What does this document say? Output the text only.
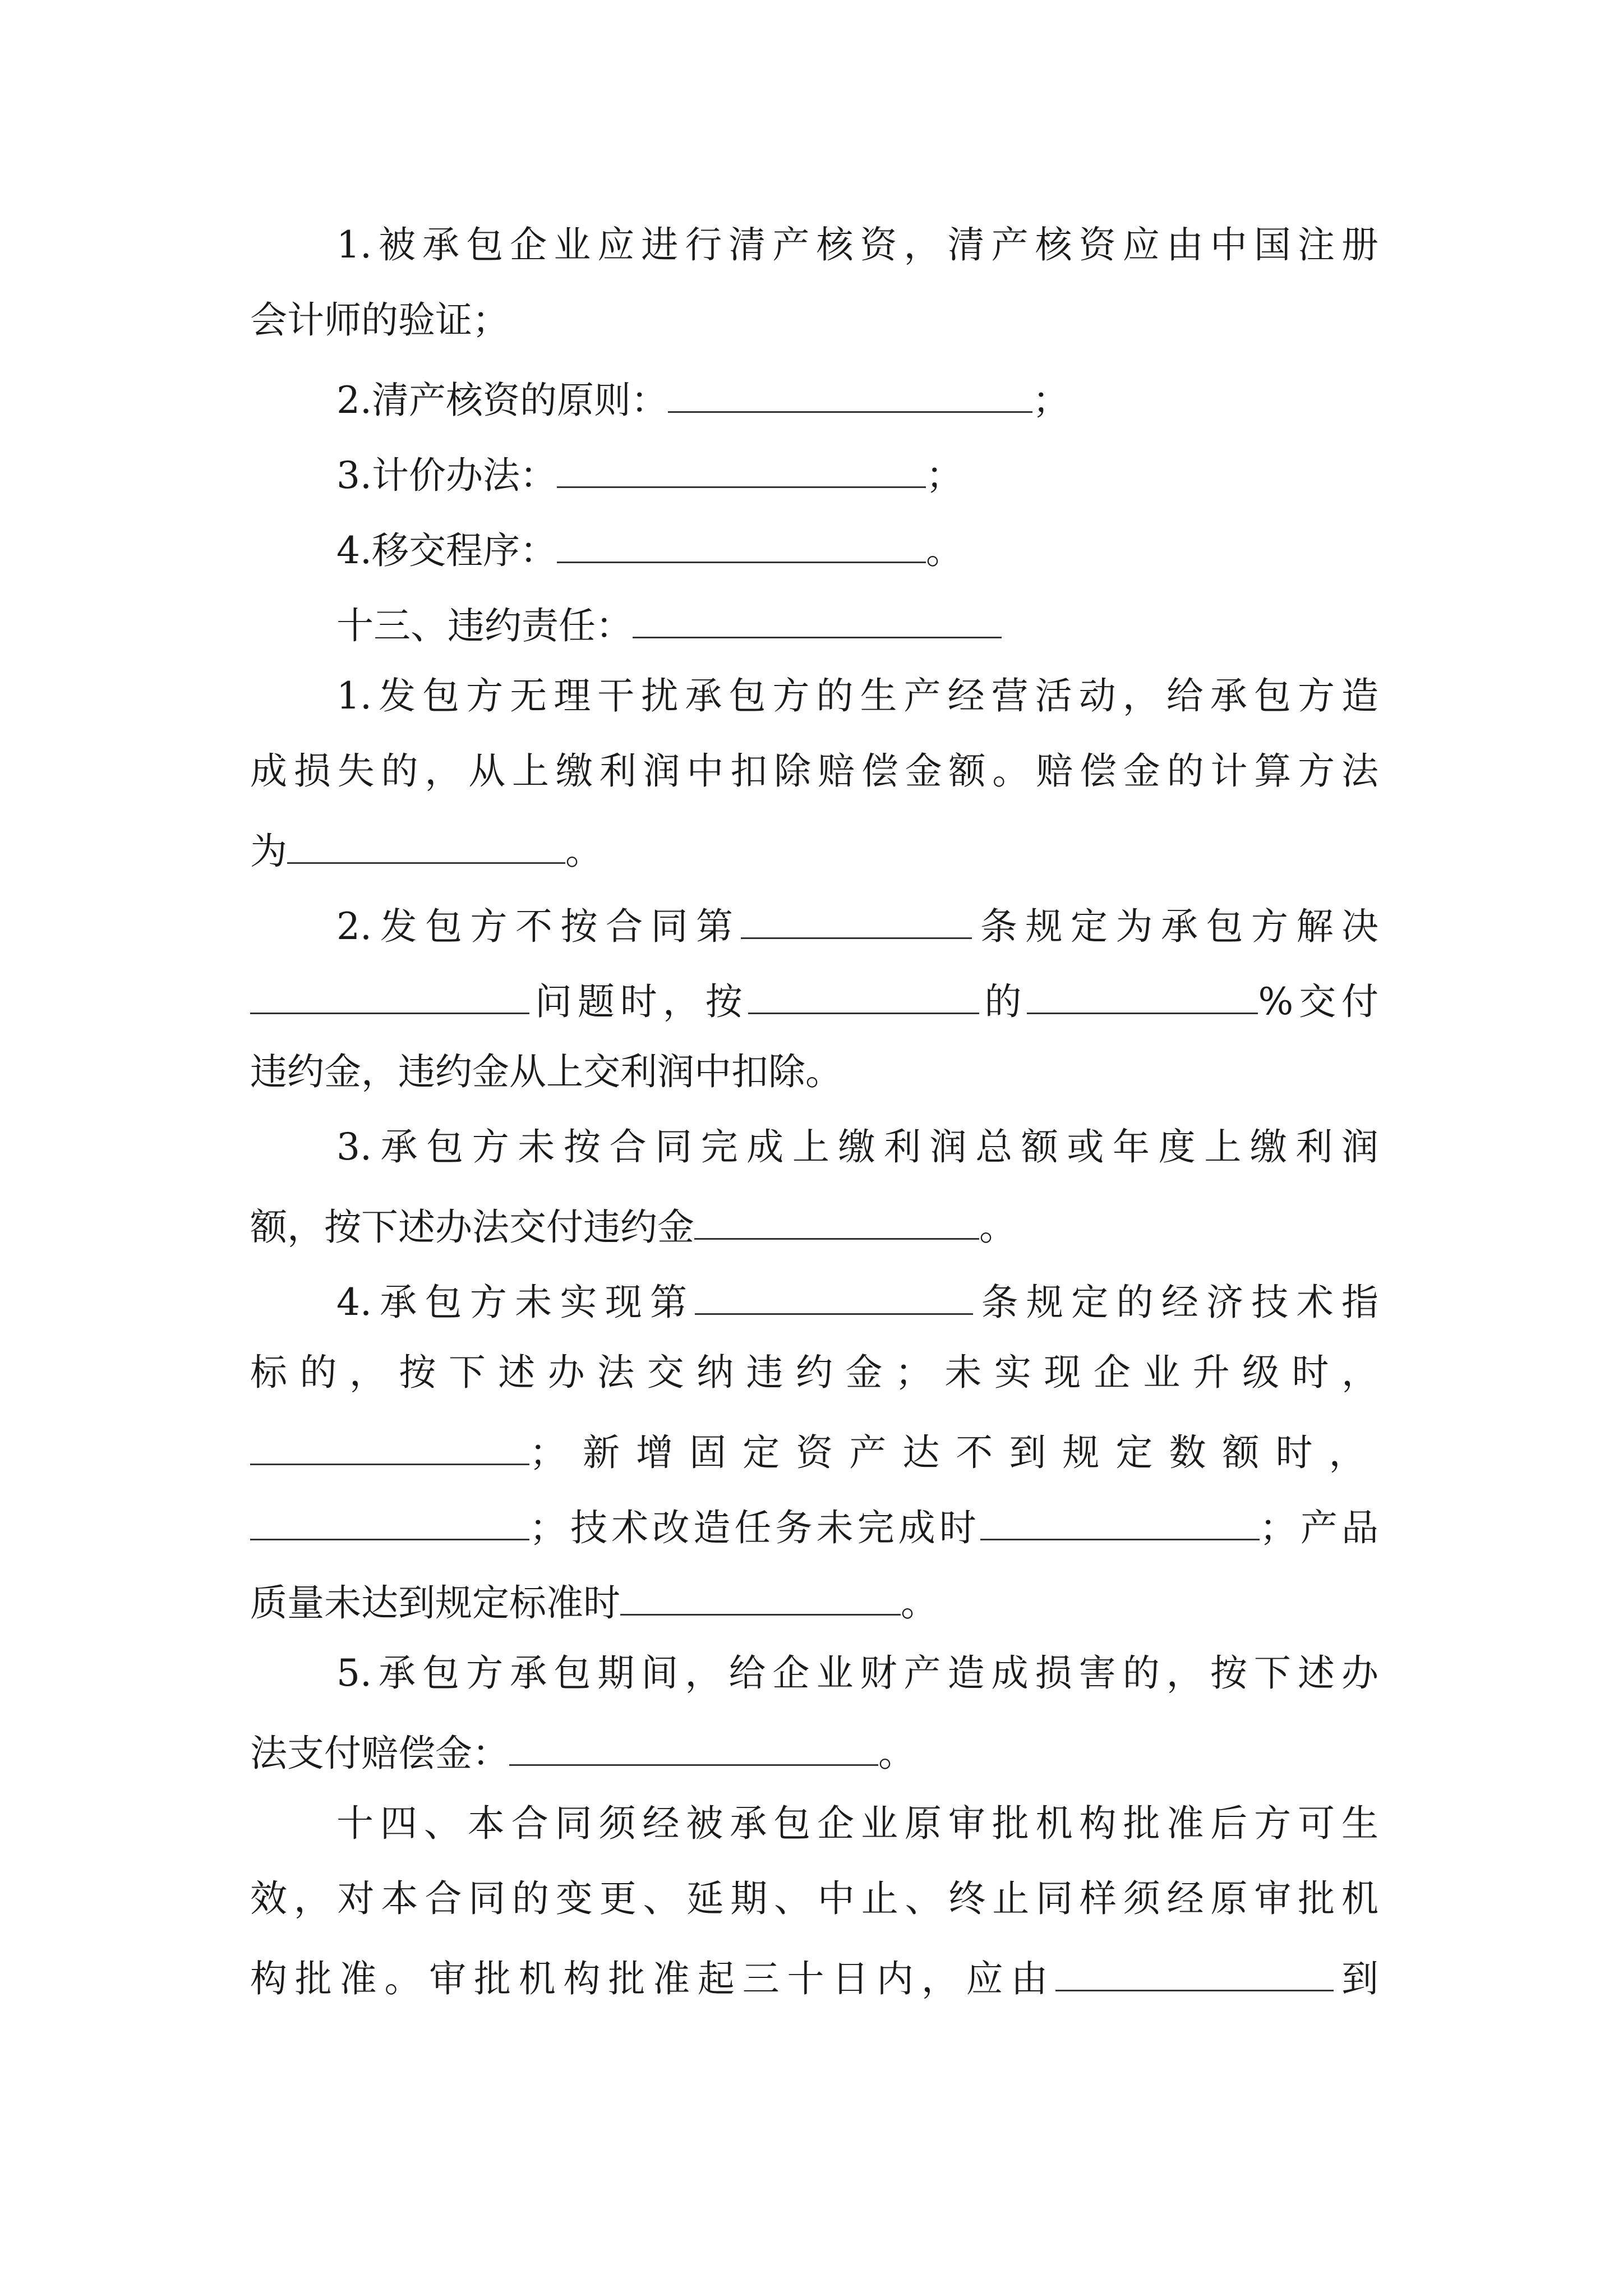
1.被承包企业应进行清产核资，清产核资应由中国注册
会计师的验证；
2.清产核资的原则：	；
3.计价办法：	；
4.移交程序：	。
十三、违约责任：
1.发包方无理干扰承包方的生产经营活动，给承包方造
成损失的，从上缴利润中扣除赔偿金额。赔偿金的计算方法
为	。
2.发包方不按合同第	条规定为承包方解决
问题时，按	的	%交付
违约金，违约金从上交利润中扣除。
3.承包方未按合同完成上缴利润总额或年度上缴利润
额，按下述办法交付违约金	。
4.承包方未实现第	条规定的经济技术指
标的，按下述办法交纳违约金；未实现企业升级时，
；新增固定资产达不到规定数额时，
；技术改造任务未完成时	；产品
质量未达到规定标准时	。
5.承包方承包期间，给企业财产造成损害的，按下述办
法支付赔偿金：	。
十四、本合同须经被承包企业原审批机构批准后方可生
效，对本合同的变更、延期、中止、终止同样须经原审批机
构批准。审批机构批准起三十日内，应由	到
